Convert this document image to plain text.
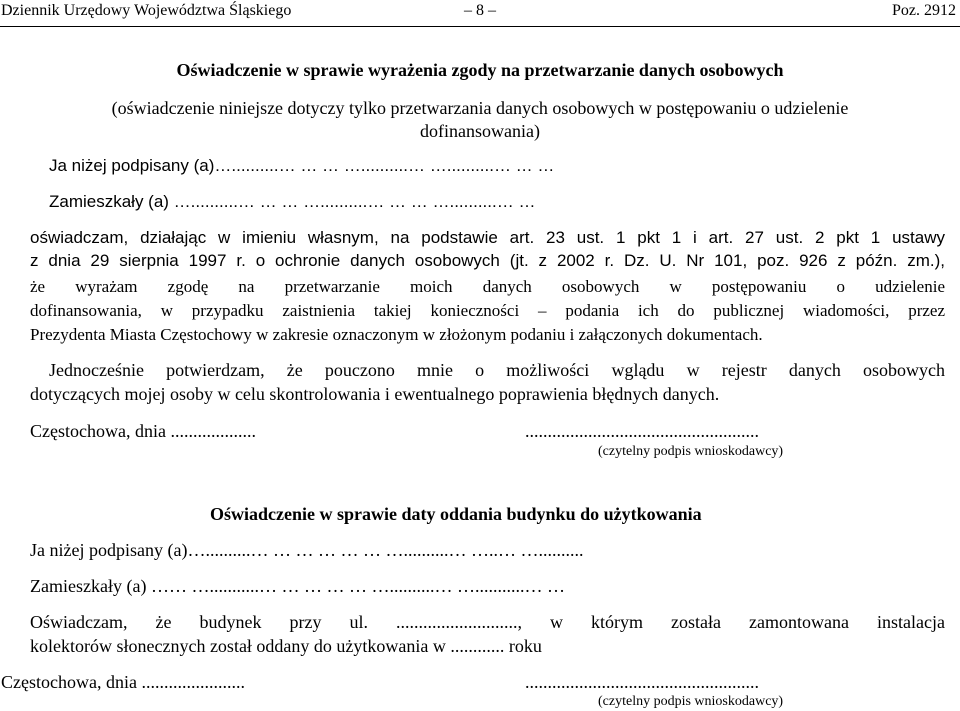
Dziennik Urzędowy Województwa Śląskiego	– 8 –	Poz. 2912
Oświadczenie w sprawie wyrażenia zgody na przetwarzanie danych osobowych
(oświadczenie niniejsze dotyczy tylko przetwarzania danych osobowych w postępowaniu o udzielenie
dofinansowania)
Ja niżej podpisany (a)…..........… … … …..........… …..........… … …
Zamieszkały (a) …..........… … … …..........… … … …..........… …
oświadczam, działając w imieniu własnym, na podstawie art. 23 ust. 1 pkt 1 i art. 27 ust. 2 pkt 1 ustawy
z dnia 29 sierpnia 1997 r. o ochronie danych osobowych (jt. z 2002 r. Dz. U. Nr 101, poz. 926 z późn. zm.),
że wyrażam zgodę na przetwarzanie moich danych osobowych w postępowaniu o udzielenie
dofinansowania, w przypadku zaistnienia takiej konieczności – podania ich do publicznej wiadomości, przez
Prezydenta Miasta Częstochowy w zakresie oznaczonym w złożonym podaniu i załączonych dokumentach.
Jednocześnie potwierdzam, że pouczono mnie o możliwości wglądu w rejestr danych osobowych
dotyczących mojej osoby w celu skontrolowania i ewentualnego poprawienia błędnych danych.
Częstochowa, dnia ...................	....................................................
(czytelny podpis wnioskodawcy)
Oświadczenie w sprawie daty oddania budynku do użytkowania
Ja niżej podpisany (a)…..........… … … … … … …..........… …..… …..........
Zamieszkały (a) …… …...........… … … … … …..........… …...........… …
Oświadczam, że budynek przy ul. ..........................., w którym została zamontowana instalacja
kolektorów słonecznych został oddany do użytkowania w ............ roku
Częstochowa, dnia .......................	....................................................
(czytelny podpis wnioskodawcy)
